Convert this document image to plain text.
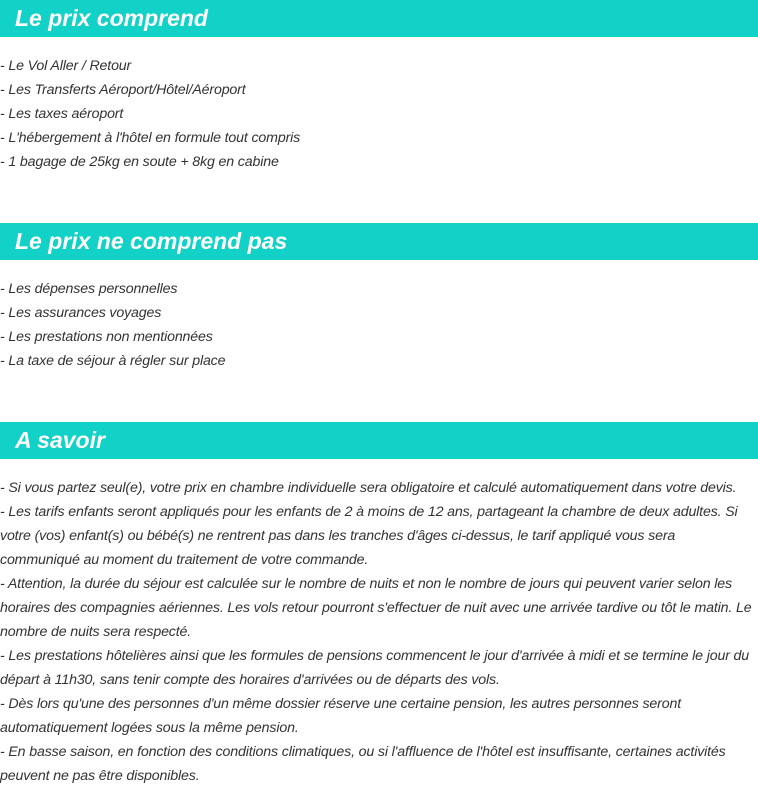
Le prix comprend
- Le Vol Aller / Retour
- Les Transferts Aéroport/Hôtel/Aéroport
- Les taxes aéroport
- L'hébergement à l'hôtel en formule tout compris
- 1 bagage de 25kg en soute + 8kg en cabine
Le prix ne comprend pas
- Les dépenses personnelles
- Les assurances voyages
- Les prestations non mentionnées
- La taxe de séjour à régler sur place
A savoir

- Si vous partez seul(e), votre prix en chambre individuelle sera obligatoire et calculé automatiquement dans votre devis.

- Les tarifs enfants seront appliqués pour les enfants de 2 à moins de 12 ans, partageant la chambre de deux adultes. Si votre (vos) enfant(s) ou bébé(s) ne rentrent pas dans les tranches d'âges ci-dessus, le tarif appliqué vous sera communiqué au moment du traitement de votre commande.

- Attention, la durée du séjour est calculée sur le nombre de nuits et non le nombre de jours qui peuvent varier selon les horaires des compagnies aériennes. Les vols retour pourront s'effectuer de nuit avec une arrivée tardive ou tôt le matin. Le nombre de nuits sera respecté.

- Les prestations hôtelières ainsi que les formules de pensions commencent le jour d'arrivée à midi et se termine le jour du départ à 11h30, sans tenir compte des horaires d'arrivées ou de départs des vols.

- Dès lors qu'une des personnes d'un même dossier réserve une certaine pension, les autres personnes seront automatiquement logées sous la même pension.

- En basse saison, en fonction des conditions climatiques, ou si l'affluence de l'hôtel est insuffisante, certaines activités peuvent ne pas être disponibles.
